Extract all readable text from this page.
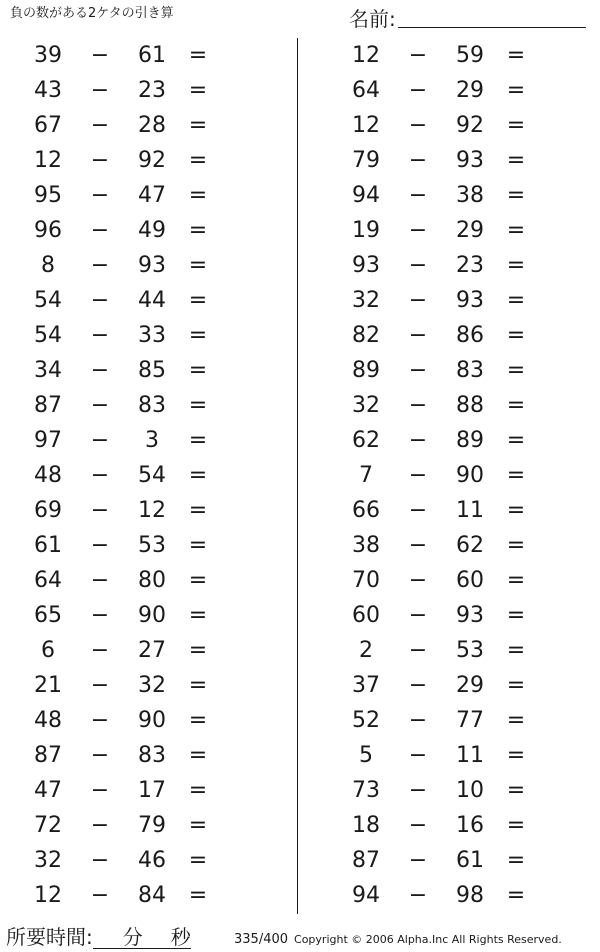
負の数がある2ケタの引き算	名前:
39 − 61 =
43 − 23 =
67 − 28 =
12 − 92 =
95 − 47 =
96 − 49 =
8	− 93 =
54 − 44 =
54 − 33 =
34 − 85 =
87 − 83 =
97 −	3	=
48 − 54 =
69 − 12 =
61 − 53 =
64 − 80 =
65 − 90 =
6	− 27 =
21 − 32 =
48 − 90 =
87 − 83 =
47 − 17 =
72 − 79 =
32 − 46 =
12 − 84 =
12 − 59 =
64 − 29 =
12 − 92 =
79 − 93 =
94 − 38 =
19 − 29 =
93 − 23 =
32 − 93 =
82 − 86 =
89 − 83 =
32 − 88 =
62 − 89 =
7	− 90 =
66 − 11 =
38 − 62 =
70 − 60 =
60 − 93 =
2	− 53 =
37 − 29 =
52 − 77 =
5	− 11 =
73 − 10 =
18 − 16 =
87 − 61 =
94 − 98 =
所要時間: 分 秒	335/400 Copyright © 2006 Alpha.Inc All Rights Reserved.
